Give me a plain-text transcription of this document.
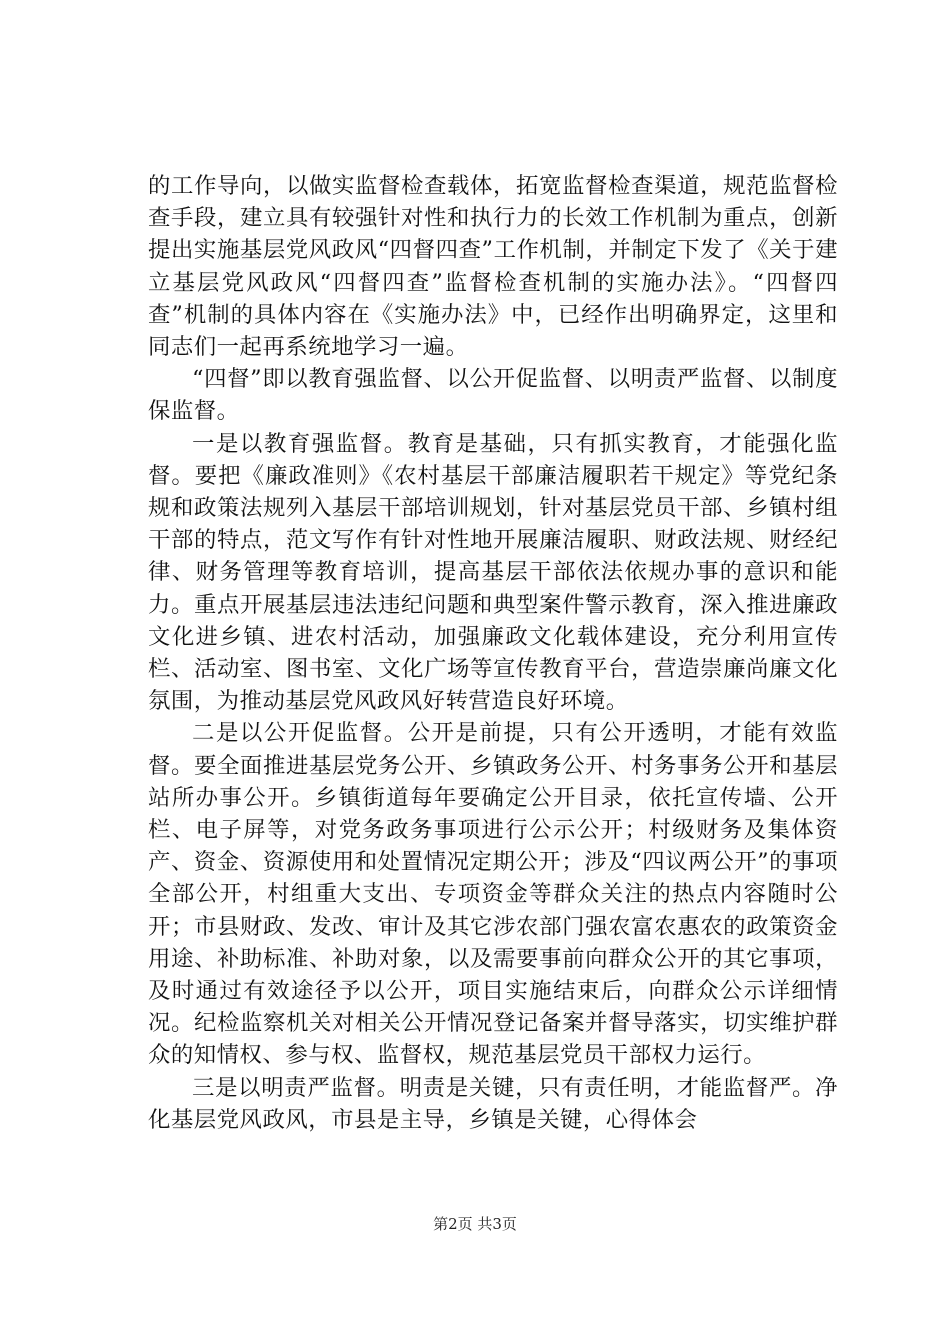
的工作导向，以做实监督检查载体，拓宽监督检查渠道，规范监督检查手段，建立具有较强针对性和执行力的长效工作机制为重点，创新提出实施基层党风政风“四督四查”工作机制，并制定下发了《关于建立基层党风政风“四督四查”监督检查机制的实施办法》。“四督四查”机制的具体内容在《实施办法》中，已经作出明确界定，这里和同志们一起再系统地学习一遍。

“四督”即以教育强监督、以公开促监督、以明责严监督、以制度保监督。

一是以教育强监督。教育是基础，只有抓实教育，才能强化监督。要把《廉政准则》《农村基层干部廉洁履职若干规定》等党纪条规和政策法规列入基层干部培训规划，针对基层党员干部、乡镇村组干部的特点，范文写作有针对性地开展廉洁履职、财政法规、财经纪律、财务管理等教育培训，提高基层干部依法依规办事的意识和能力。重点开展基层违法违纪问题和典型案件警示教育，深入推进廉政文化进乡镇、进农村活动，加强廉政文化载体建设，充分利用宣传栏、活动室、图书室、文化广场等宣传教育平台，营造崇廉尚廉文化氛围，为推动基层党风政风好转营造良好环境。

二是以公开促监督。公开是前提，只有公开透明，才能有效监督。要全面推进基层党务公开、乡镇政务公开、村务事务公开和基层站所办事公开。乡镇街道每年要确定公开目录，依托宣传墙、公开栏、电子屏等，对党务政务事项进行公示公开；村级财务及集体资产、资金、资源使用和处置情况定期公开；涉及“四议两公开”的事项全部公开，村组重大支出、专项资金等群众关注的热点内容随时公开；市县财政、发改、审计及其它涉农部门强农富农惠农的政策资金用途、补助标准、补助对象，以及需要事前向群众公开的其它事项，及时通过有效途径予以公开，项目实施结束后，向群众公示详细情况。纪检监察机关对相关公开情况登记备案并督导落实，切实维护群众的知情权、参与权、监督权，规范基层党员干部权力运行。

三是以明责严监督。明责是关键，只有责任明，才能监督严。净化基层党风政风，市县是主导，乡镇是关键，心得体会

第2页 共3页
